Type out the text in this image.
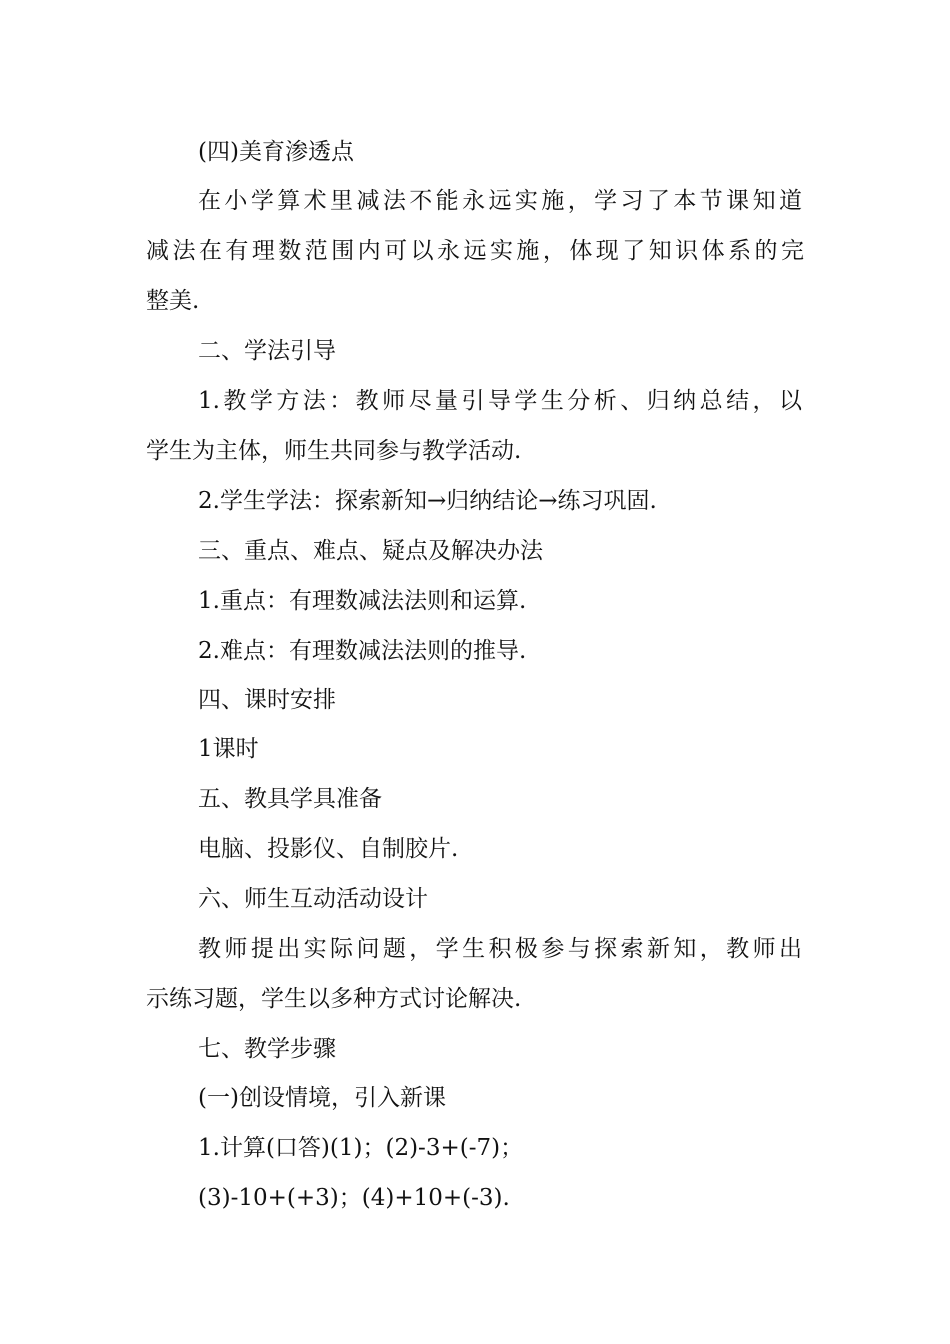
(四)美育渗透点
在小学算术里减法不能永远实施，学习了本节课知道
减法在有理数范围内可以永远实施，体现了知识体系的完
整美.
二、学法引导
1.教学方法：教师尽量引导学生分析、归纳总结，以
学生为主体，师生共同参与教学活动.
2.学生学法：探索新知→归纳结论→练习巩固.
三、重点、难点、疑点及解决办法
1.重点：有理数减法法则和运算.
2.难点：有理数减法法则的推导.
四、课时安排
1课时
五、教具学具准备
电脑、投影仪、自制胶片.
六、师生互动活动设计
教师提出实际问题，学生积极参与探索新知，教师出
示练习题，学生以多种方式讨论解决.
七、教学步骤
(一)创设情境，引入新课
1.计算(口答)(1)；(2)-3+(-7)；
(3)-10+(+3)；(4)+10+(-3).
